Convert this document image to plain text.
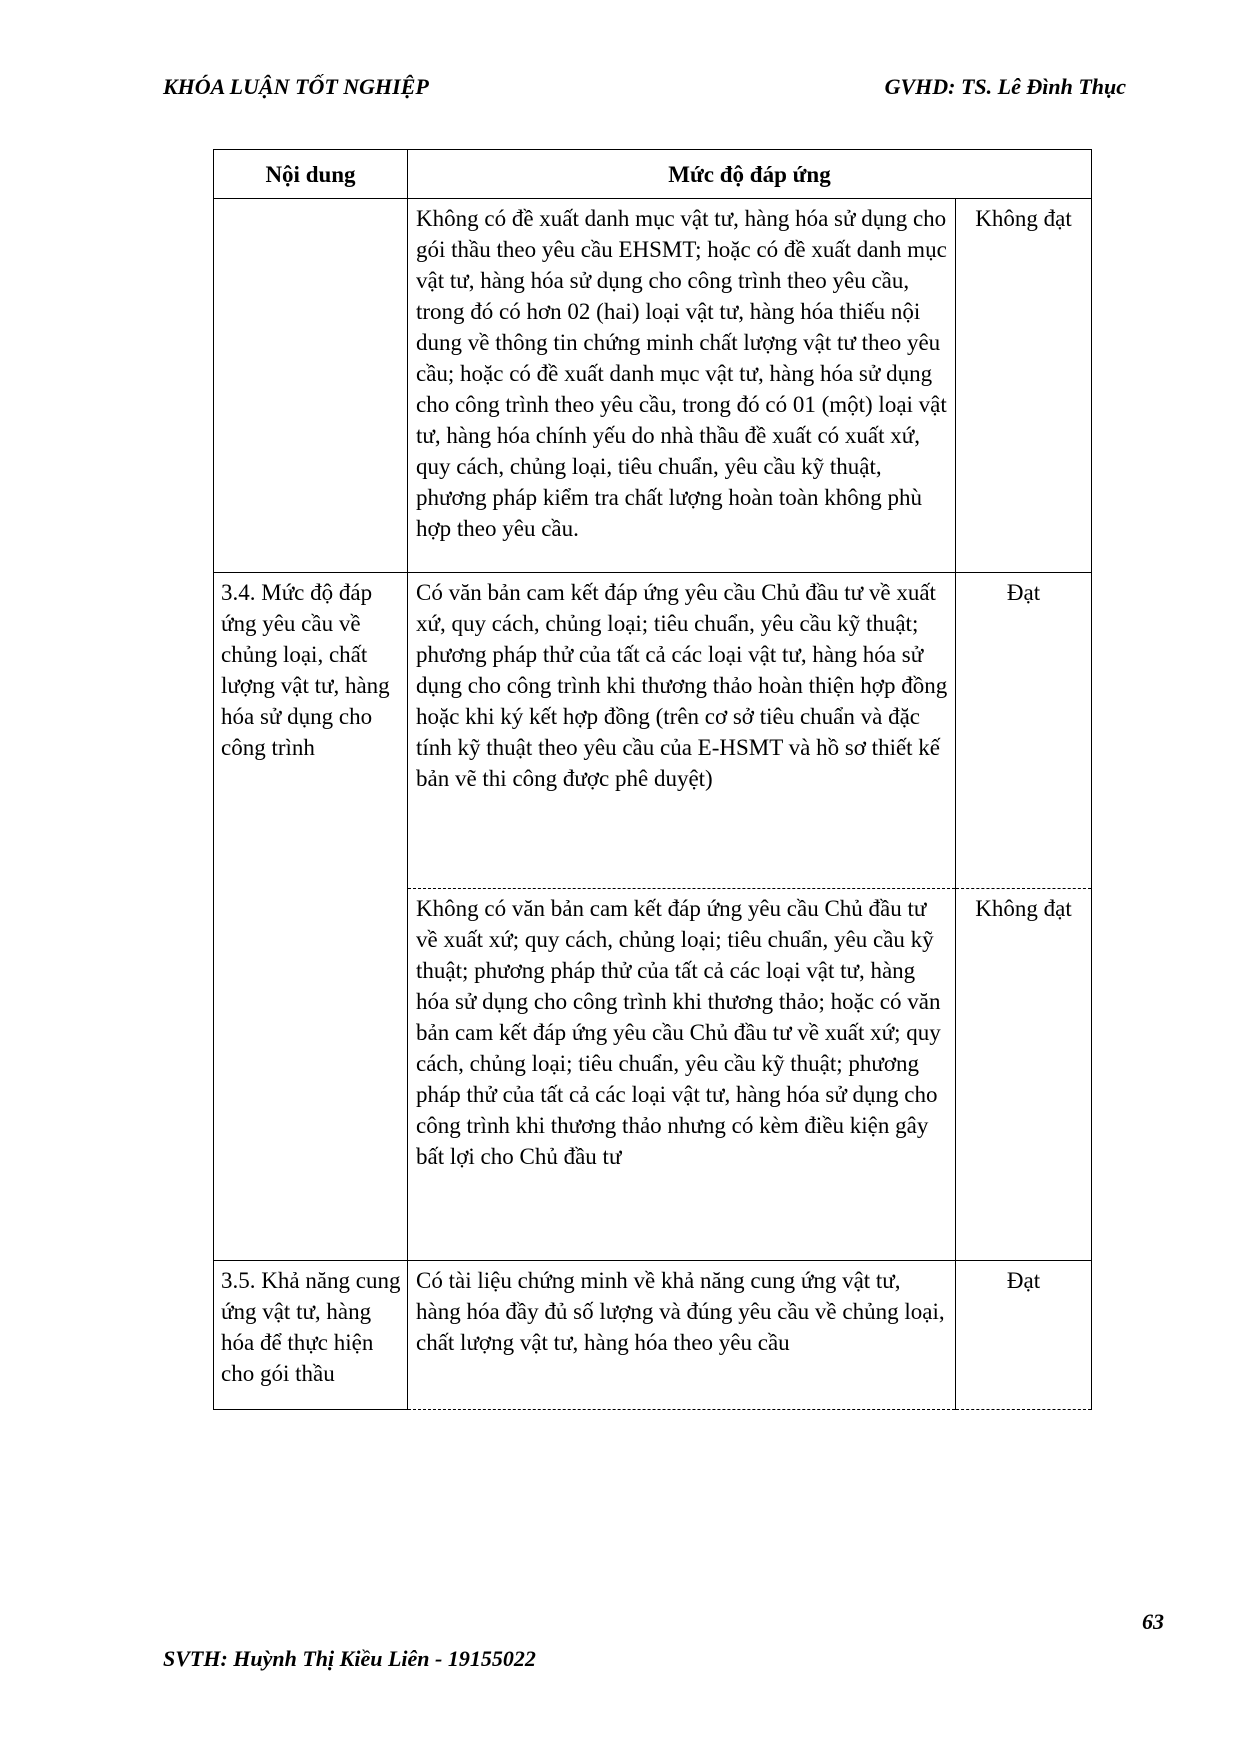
KHÓA LUẬN TỐT NGHIỆP	GVHD: TS. Lê Đình Thục
Nội dung	Mức độ đáp ứng	
	Không có đề xuất danh mục vật tư, hàng hóa sử dụng cho gói thầu theo yêu cầu EHSMT; hoặc có đề xuất danh mục vật tư, hàng hóa sử dụng cho công trình theo yêu cầu, trong đó có hơn 02 (hai) loại vật tư, hàng hóa thiếu nội dung về thông tin chứng minh chất lượng vật tư theo yêu cầu; hoặc có đề xuất danh mục vật tư, hàng hóa sử dụng cho công trình theo yêu cầu, trong đó có 01 (một) loại vật tư, hàng hóa chính yếu do nhà thầu đề xuất có xuất xứ, quy cách, chủng loại, tiêu chuẩn, yêu cầu kỹ thuật, phương pháp kiểm tra chất lượng hoàn toàn không phù hợp theo yêu cầu.	Không đạt
3.4. Mức độ đáp ứng yêu cầu về chủng loại, chất lượng vật tư, hàng hóa sử dụng cho công trình	Có văn bản cam kết đáp ứng yêu cầu Chủ đầu tư về xuất xứ, quy cách, chủng loại; tiêu chuẩn, yêu cầu kỹ thuật; phương pháp thử của tất cả các loại vật tư, hàng hóa sử dụng cho công trình khi thương thảo hoàn thiện hợp đồng hoặc khi ký kết hợp đồng (trên cơ sở tiêu chuẩn và đặc tính kỹ thuật theo yêu cầu của E-HSMT và hồ sơ thiết kế bản vẽ thi công được phê duyệt)	Đạt
	Không có văn bản cam kết đáp ứng yêu cầu Chủ đầu tư về xuất xứ; quy cách, chủng loại; tiêu chuẩn, yêu cầu kỹ thuật; phương pháp thử của tất cả các loại vật tư, hàng hóa sử dụng cho công trình khi thương thảo; hoặc có văn bản cam kết đáp ứng yêu cầu Chủ đầu tư về xuất xứ; quy cách, chủng loại; tiêu chuẩn, yêu cầu kỹ thuật; phương pháp thử của tất cả các loại vật tư, hàng hóa sử dụng cho công trình khi thương thảo nhưng có kèm điều kiện gây bất lợi cho Chủ đầu tư	Không đạt
3.5. Khả năng cung ứng vật tư, hàng hóa để thực hiện cho gói thầu	Có tài liệu chứng minh về khả năng cung ứng vật tư, hàng hóa đầy đủ số lượng và đúng yêu cầu về chủng loại, chất lượng vật tư, hàng hóa theo yêu cầu	Đạt
63
SVTH: Huỳnh Thị Kiều Liên - 19155022
